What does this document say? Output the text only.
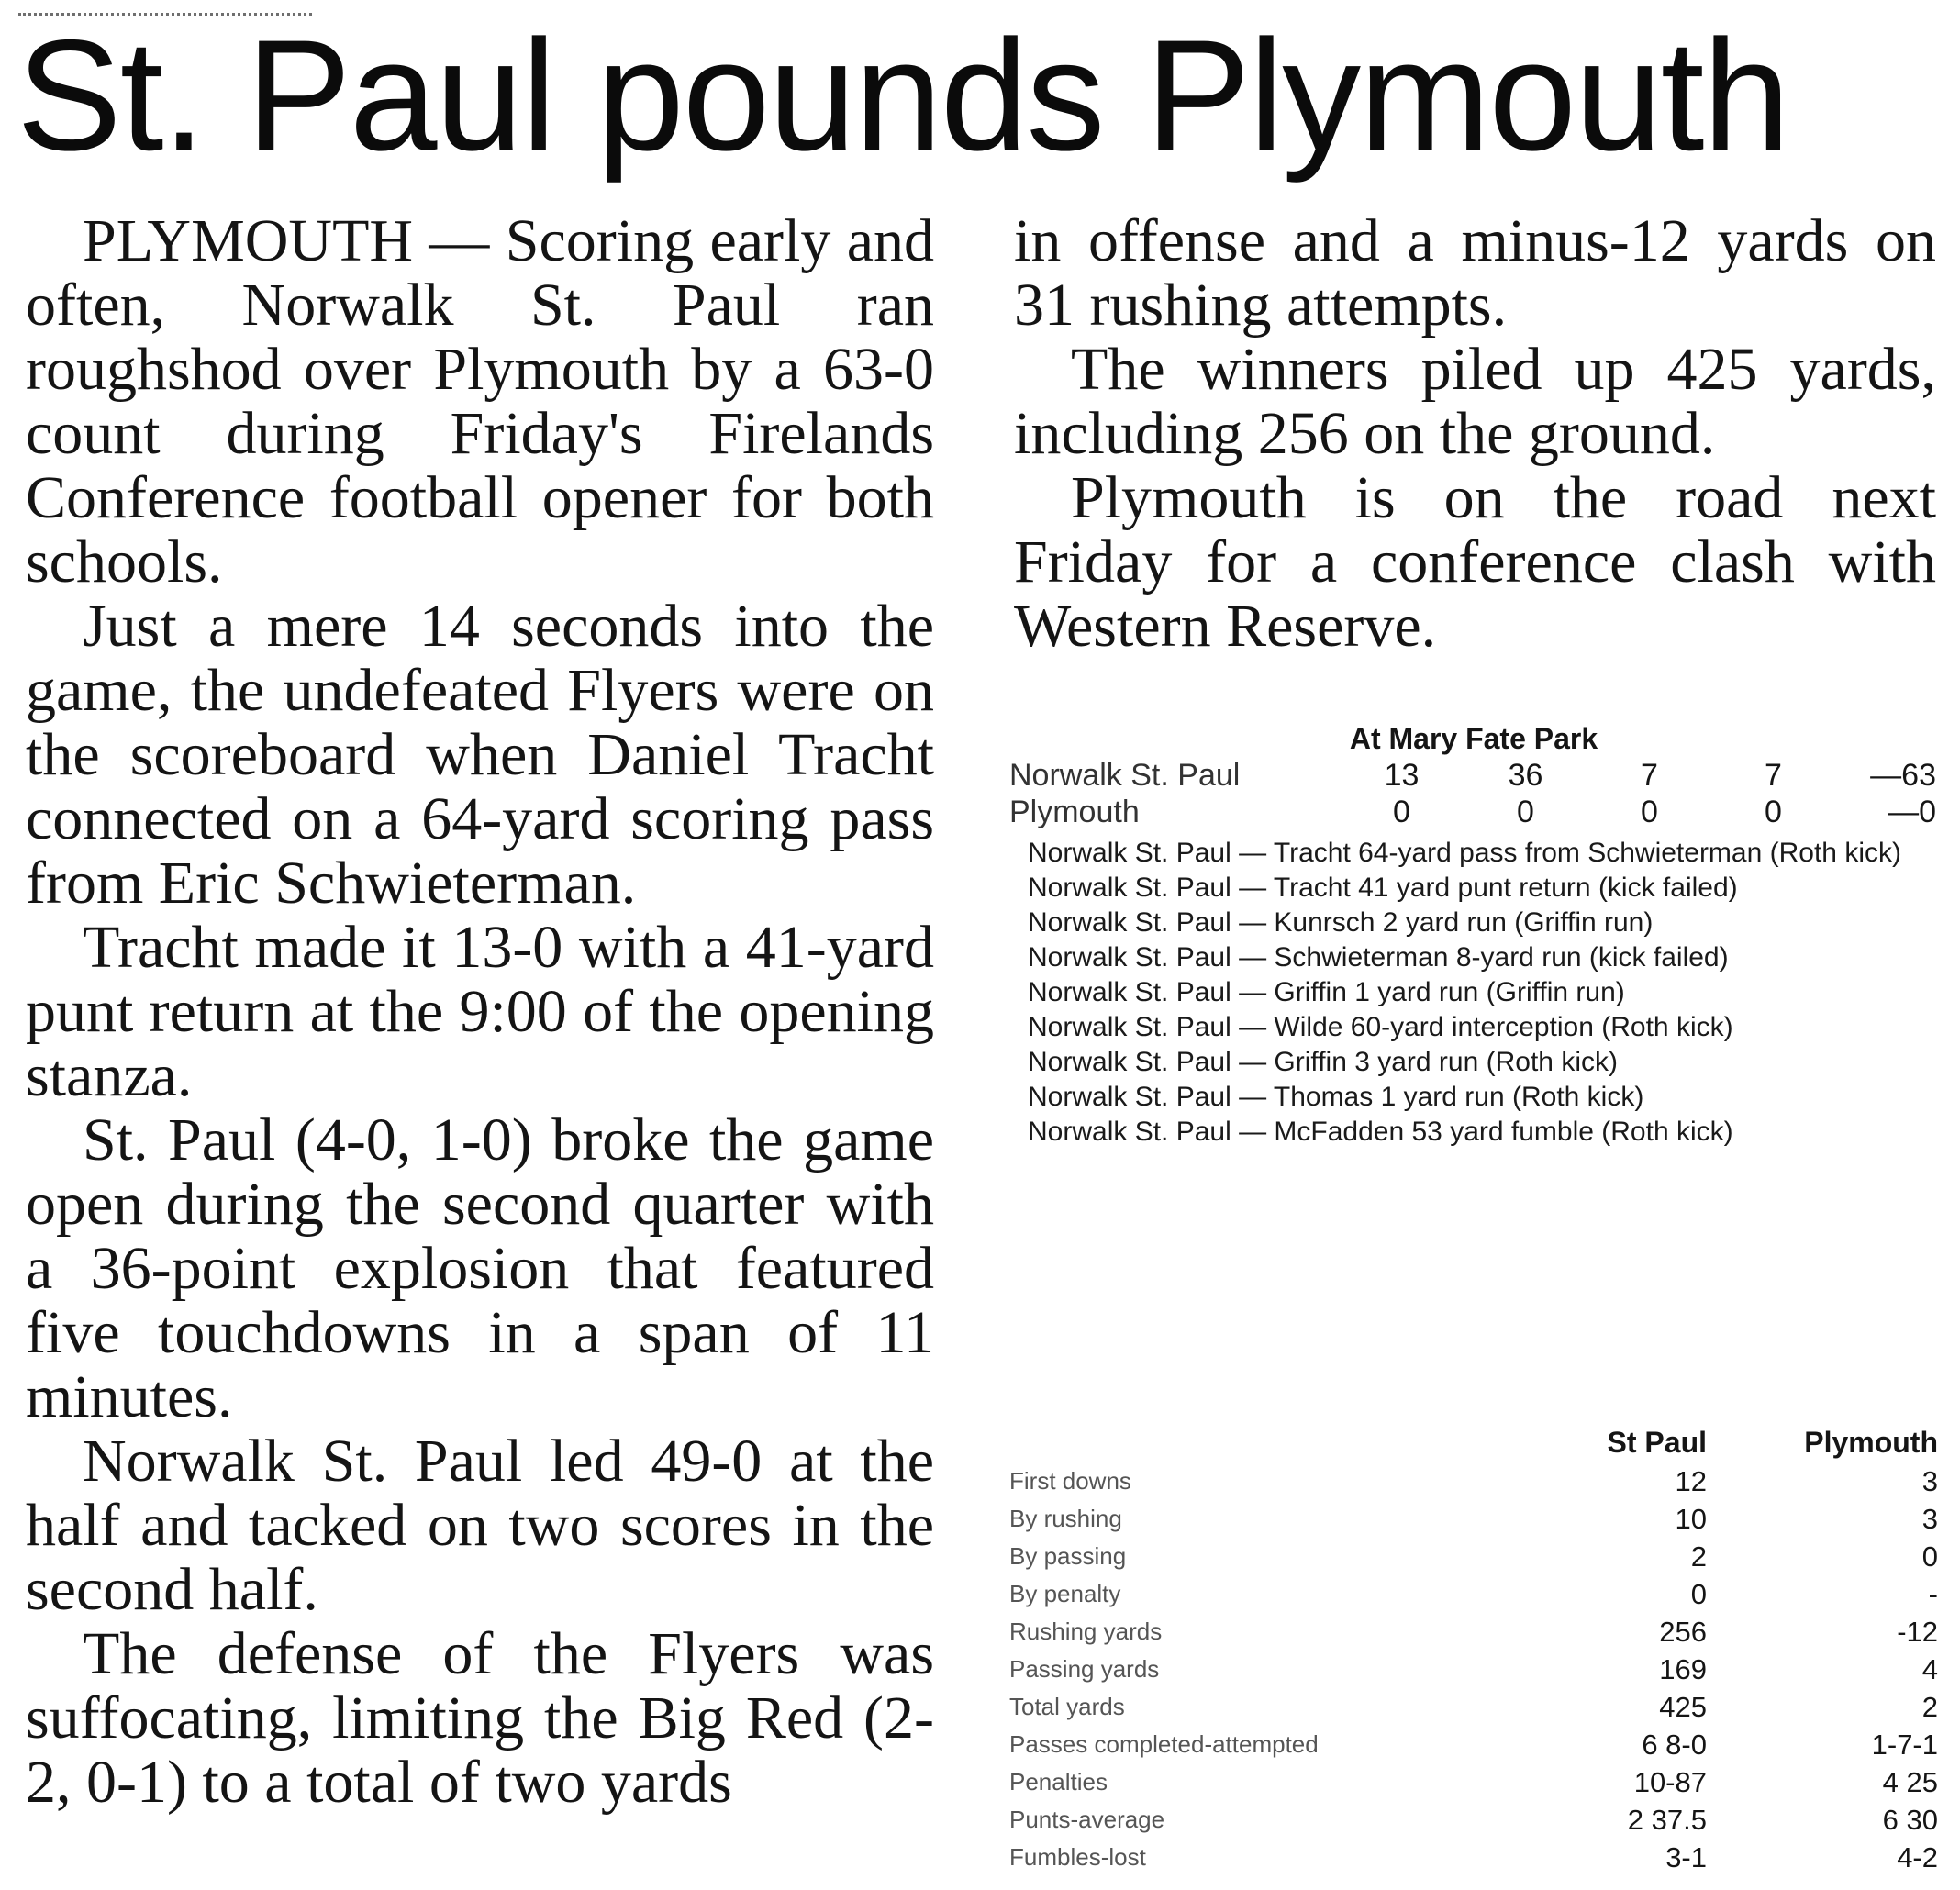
St. Paul pounds Plymouth

PLYMOUTH — Scoring early and often, Norwalk St. Paul ran roughshod over Plymouth by a 63-0 count during Friday's Firelands Conference football opener for both schools.

Just a mere 14 seconds into the game, the undefeated Flyers were on the scoreboard when Daniel Tracht connected on a 64-yard scoring pass from Eric Schwieterman.

Tracht made it 13-0 with a 41-yard punt return at the 9:00 of the opening stanza.

St. Paul (4-0, 1-0) broke the game open during the second quarter with a 36-point explosion that featured five touchdowns in a span of 11 minutes.

Norwalk St. Paul led 49-0 at the half and tacked on two scores in the second half.

The defense of the Flyers was suffocating, limiting the Big Red (2-2, 0-1) to a total of two yards

in offense and a minus-12 yards on 31 rushing attempts.

The winners piled up 425 yards, including 256 on the ground.

Plymouth is on the road next Friday for a conference clash with Western Reserve.

At Mary Fate Park
Norwalk St. Paul	13	36	7	7	—63
Plymouth	0	0	0	0	—0
Norwalk St. Paul — Tracht 64-yard pass from Schwieterman (Roth kick)
Norwalk St. Paul — Tracht 41 yard punt return (kick failed)
Norwalk St. Paul — Kunrsch 2 yard run (Griffin run)
Norwalk St. Paul — Schwieterman 8-yard run (kick failed)
Norwalk St. Paul — Griffin 1 yard run (Griffin run)
Norwalk St. Paul — Wilde 60-yard interception (Roth kick)
Norwalk St. Paul — Griffin 3 yard run (Roth kick)
Norwalk St. Paul — Thomas 1 yard run (Roth kick)
Norwalk St. Paul — McFadden 53 yard fumble (Roth kick)
St Paul	Plymouth
First downs	12	3
By rushing	10	3
By passing	2	0
By penalty	0	-
Rushing yards	256	-12
Passing yards	169	4
Total yards	425	2
Passes completed-attempted	6 8-0	1-7-1
Penalties	10-87	4 25
Punts-average	2 37.5	6 30
Fumbles-lost	3-1	4-2
